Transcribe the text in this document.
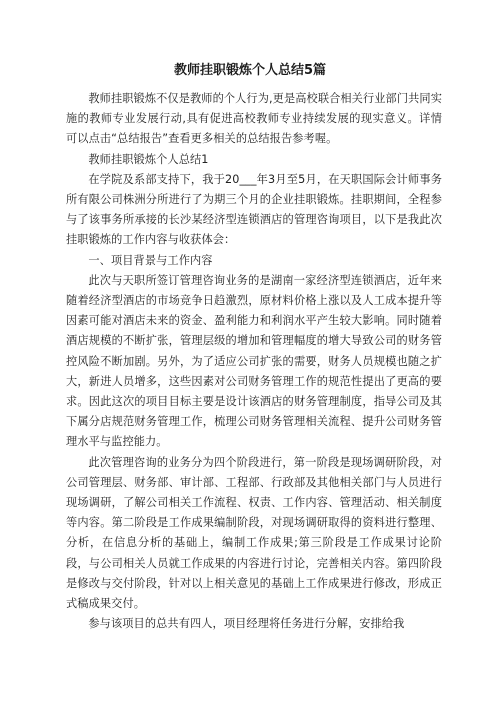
教师挂职锻炼个人总结5篇

教师挂职锻炼不仅是教师的个人行为,更是高校联合相关行业部门共同实施的教师专业发展行动,具有促进高校教师专业持续发展的现实意义。详情可以点击“总结报告”查看更多相关的总结报告参考喔。

教师挂职锻炼个人总结1

在学院及系部支持下，我于20___年3月至5月，在天职国际会计师事务所有限公司株洲分所进行了为期三个月的企业挂职锻炼。挂职期间，全程参与了该事务所承接的长沙某经济型连锁酒店的管理咨询项目，以下是我此次挂职锻炼的工作内容与收获体会：

一、项目背景与工作内容

此次与天职所签订管理咨询业务的是湖南一家经济型连锁酒店，近年来随着经济型酒店的市场竞争日趋激烈，原材料价格上涨以及人工成本提升等因素可能对酒店未来的资金、盈利能力和利润水平产生较大影响。同时随着酒店规模的不断扩张，管理层级的增加和管理幅度的增大导致公司的财务管控风险不断加剧。另外，为了适应公司扩张的需要，财务人员规模也随之扩大，新进人员增多，这些因素对公司财务管理工作的规范性提出了更高的要求。因此这次的项目目标主要是设计该酒店的财务管理制度，指导公司及其下属分店规范财务管理工作，梳理公司财务管理相关流程、提升公司财务管理水平与监控能力。

此次管理咨询的业务分为四个阶段进行，第一阶段是现场调研阶段，对公司管理层、财务部、审计部、工程部、行政部及其他相关部门与人员进行现场调研，了解公司相关工作流程、权责、工作内容、管理活动、相关制度等内容。第二阶段是工作成果编制阶段，对现场调研取得的资料进行整理、分析，在信息分析的基础上，编制工作成果;第三阶段是工作成果讨论阶段，与公司相关人员就工作成果的内容进行讨论，完善相关内容。第四阶段是修改与交付阶段，针对以上相关意见的基础上工作成果进行修改，形成正式稿成果交付。

参与该项目的总共有四人，项目经理将任务进行分解，安排给我
